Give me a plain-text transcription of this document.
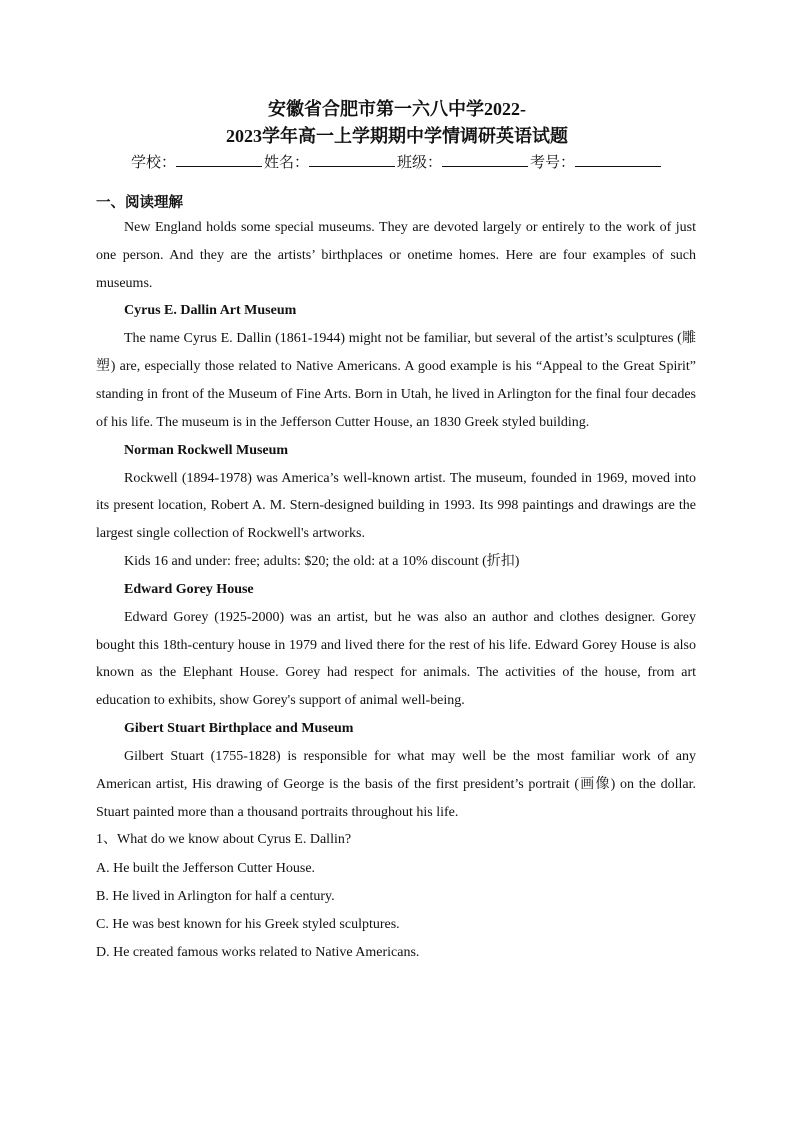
安徽省合肥市第一六八中学2022-
2023学年高一上学期期中学情调研英语试题
学校：	姓名：	班级：	考号：
一、阅读理解

New England holds some special museums. They are devoted largely or entirely to the work of just one person. And they are the artists’ birthplaces or onetime homes. Here are four examples of such museums.

Cyrus E. Dallin Art Museum

The name Cyrus E. Dallin (1861-1944) might not be familiar, but several of the artist’s sculptures (雕塑) are, especially those related to Native Americans. A good example is his “Appeal to the Great Spirit” standing in front of the Museum of Fine Arts. Born in Utah, he lived in Arlington for the final four decades of his life. The museum is in the Jefferson Cutter House, an 1830 Greek styled building.

Norman Rockwell Museum

Rockwell (1894-1978) was America’s well-known artist. The museum, founded in 1969, moved into its present location, Robert A. M. Stern-designed building in 1993. Its 998 paintings and drawings are the largest single collection of Rockwell's artworks.

Kids 16 and under: free; adults: $20; the old: at a 10% discount (折扣)

Edward Gorey House

Edward Gorey (1925-2000) was an artist, but he was also an author and clothes designer. Gorey bought this 18th-century house in 1979 and lived there for the rest of his life. Edward Gorey House is also known as the Elephant House. Gorey had respect for animals. The activities of the house, from art education to exhibits, show Gorey's support of animal well-being.

Gibert Stuart Birthplace and Museum

Gilbert Stuart (1755-1828) is responsible for what may well be the most familiar work of any American artist, His drawing of George is the basis of the first president’s portrait (画像) on the dollar. Stuart painted more than a thousand portraits throughout his life.

1、What do we know about Cyrus E. Dallin?
A. He built the Jefferson Cutter House.
B. He lived in Arlington for half a century.
C. He was best known for his Greek styled sculptures.
D. He created famous works related to Native Americans.
